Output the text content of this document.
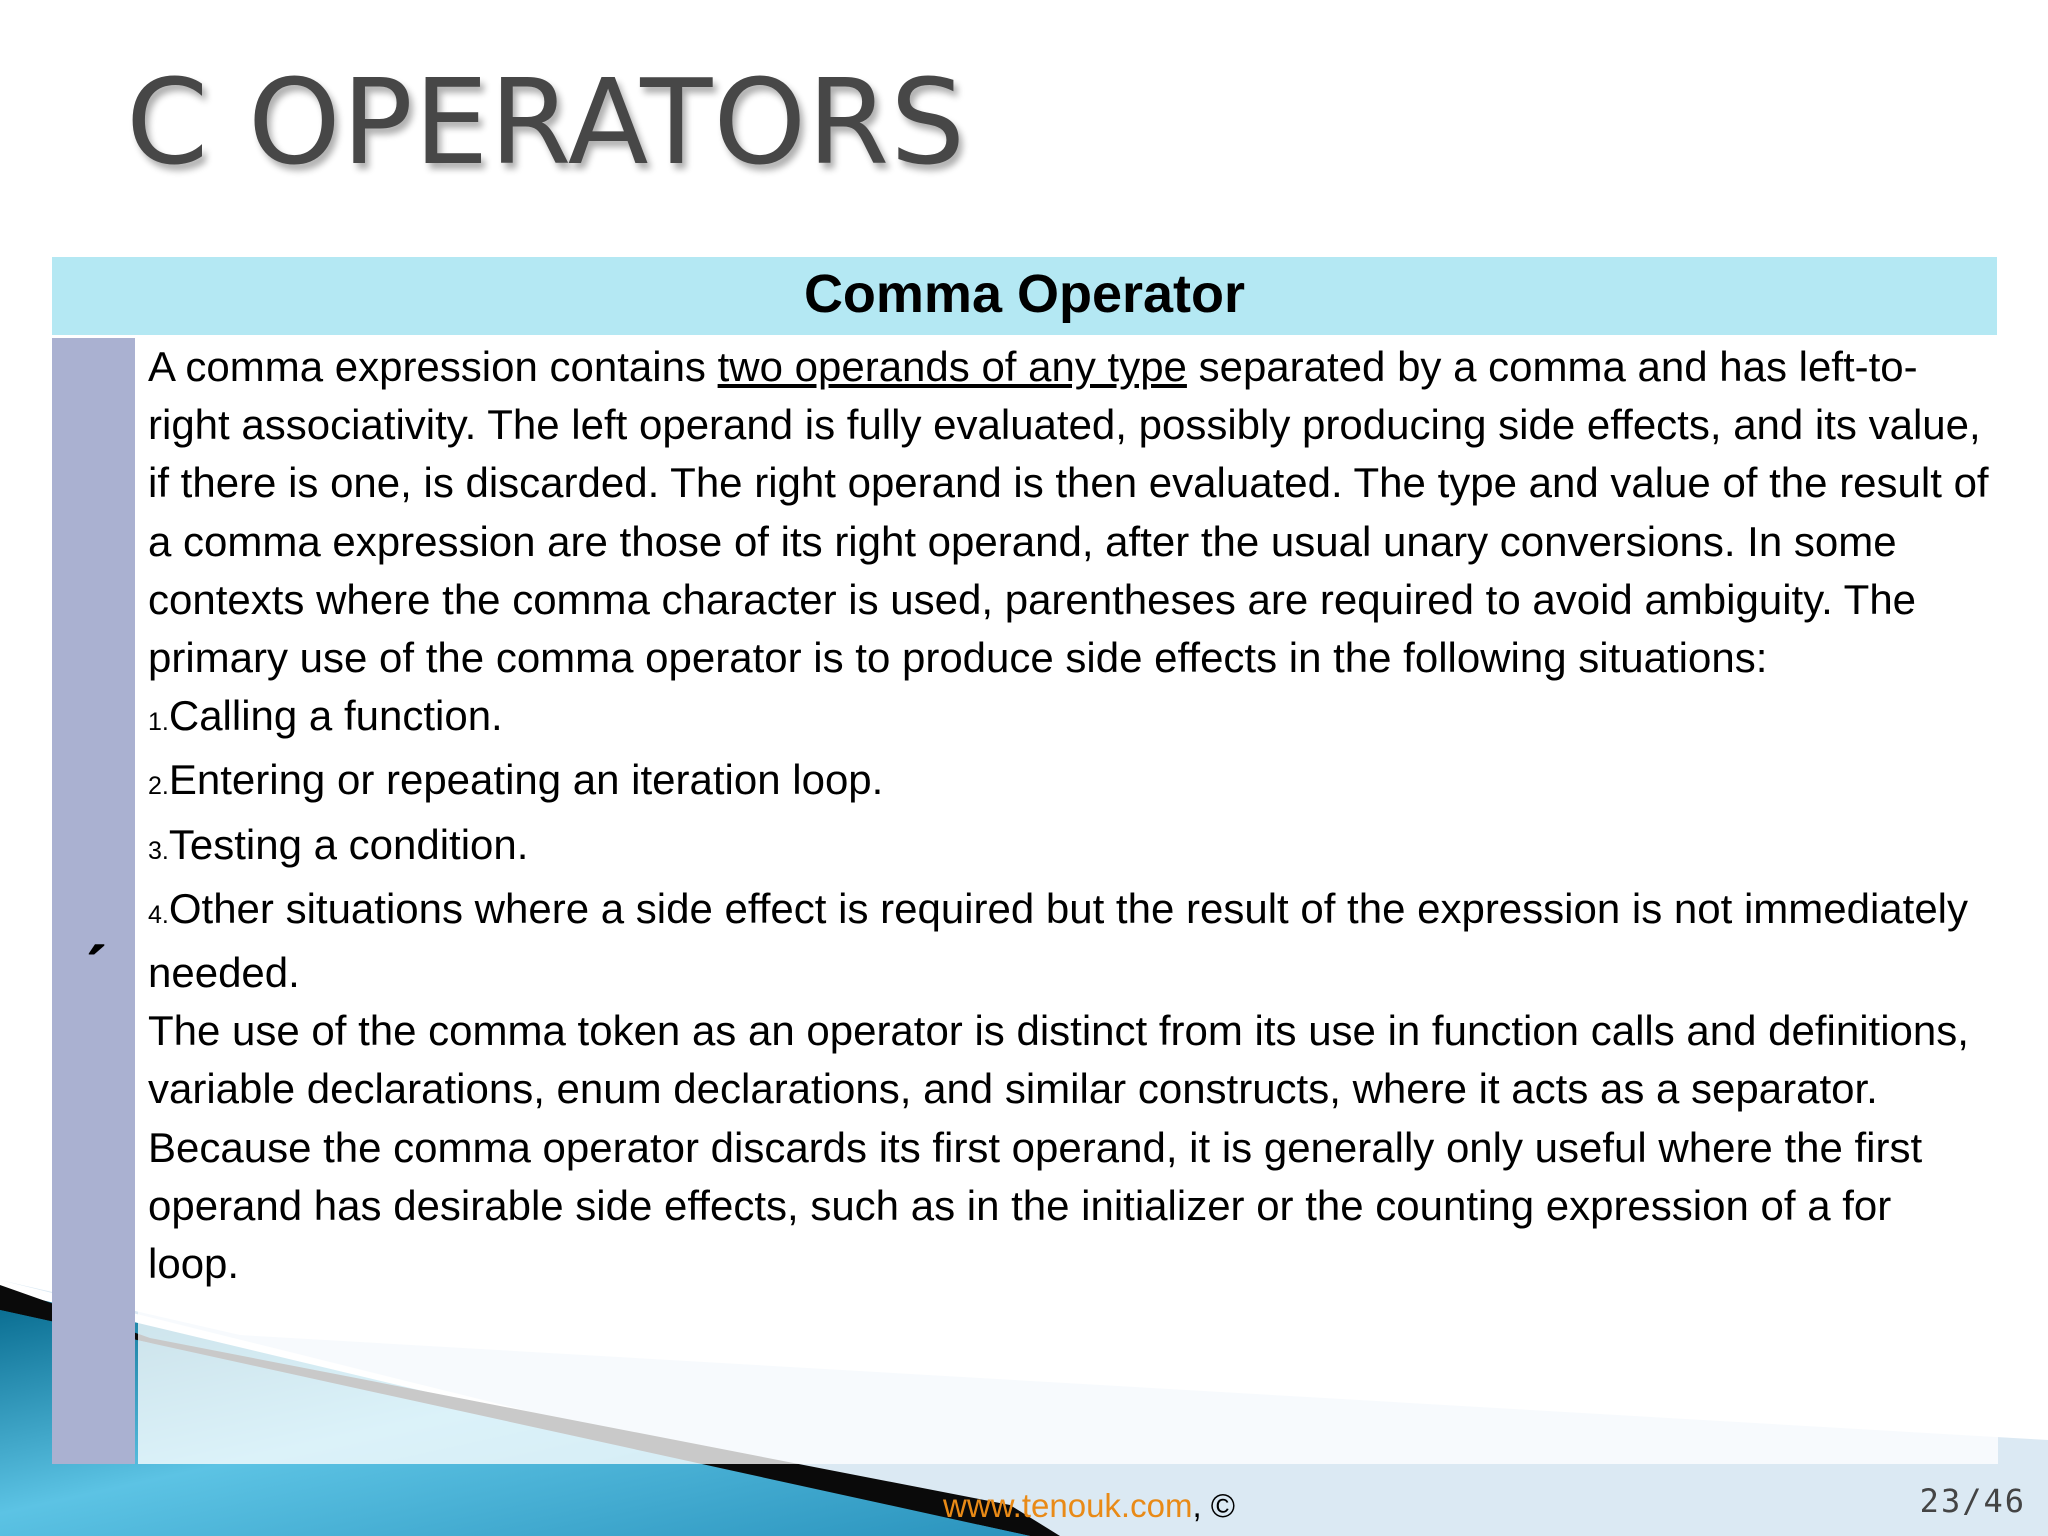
C OPERATORS
Comma Operator
ˏ

A comma expression contains two operands of any type separated by a comma and has left-to-right associativity. The left operand is fully evaluated, possibly producing side effects, and its value, if there is one, is discarded. The right operand is then evaluated. The type and value of the result of a comma expression are those of its right operand, after the usual unary conversions. In some contexts where the comma character is used, parentheses are required to avoid ambiguity. The primary use of the comma operator is to produce side effects in the following situations:

1.Calling a function.
2.Entering or repeating an iteration loop.
3.Testing a condition.
4.Other situations where a side effect is required but the result of the expression is not immediately needed.

The use of the comma token as an operator is distinct from its use in function calls and definitions, variable declarations, enum declarations, and similar constructs, where it acts as a separator.

Because the comma operator discards its first operand, it is generally only useful where the first operand has desirable side effects, such as in the initializer or the counting expression of a for loop.

www.tenouk.com, ©	23/46
